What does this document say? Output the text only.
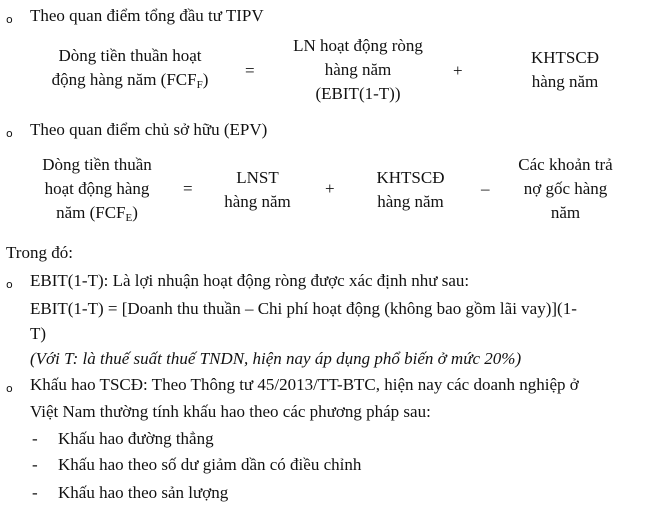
o Theo quan điểm tổng đầu tư TIPV
Dòng tiền thuần hoạt
động hàng năm $(FCF_F)$	=
LN hoạt động ròng
hàng năm
(EBIT(1-T))
+
KHTSCĐ
hàng năm
o Theo quan điểm chủ sở hữu (EPV)
Dòng tiền thuần
hoạt động hàng
năm $(FCF_E)$
=
LNST
hàng năm
+
KHTSCĐ
hàng năm
–
Các khoản trả
nợ gốc hàng
năm
Trong đó:
o EBIT(1-T): Là lợi nhuận hoạt động ròng được xác định như sau:
EBIT(1-T) = [Doanh thu thuần – Chi phí hoạt động (không bao gồm lãi vay)](1-
T)
(Với T: là thuế suất thuế TNDN, hiện nay áp dụng phổ biến ở mức 20%)
o Khấu hao TSCĐ: Theo Thông tư 45/2013/TT-BTC, hiện nay các doanh nghiệp ở
Việt Nam thường tính khấu hao theo các phương pháp sau:
- Khấu hao đường thẳng
- Khấu hao theo số dư giảm dần có điều chỉnh
- Khấu hao theo sản lượng
